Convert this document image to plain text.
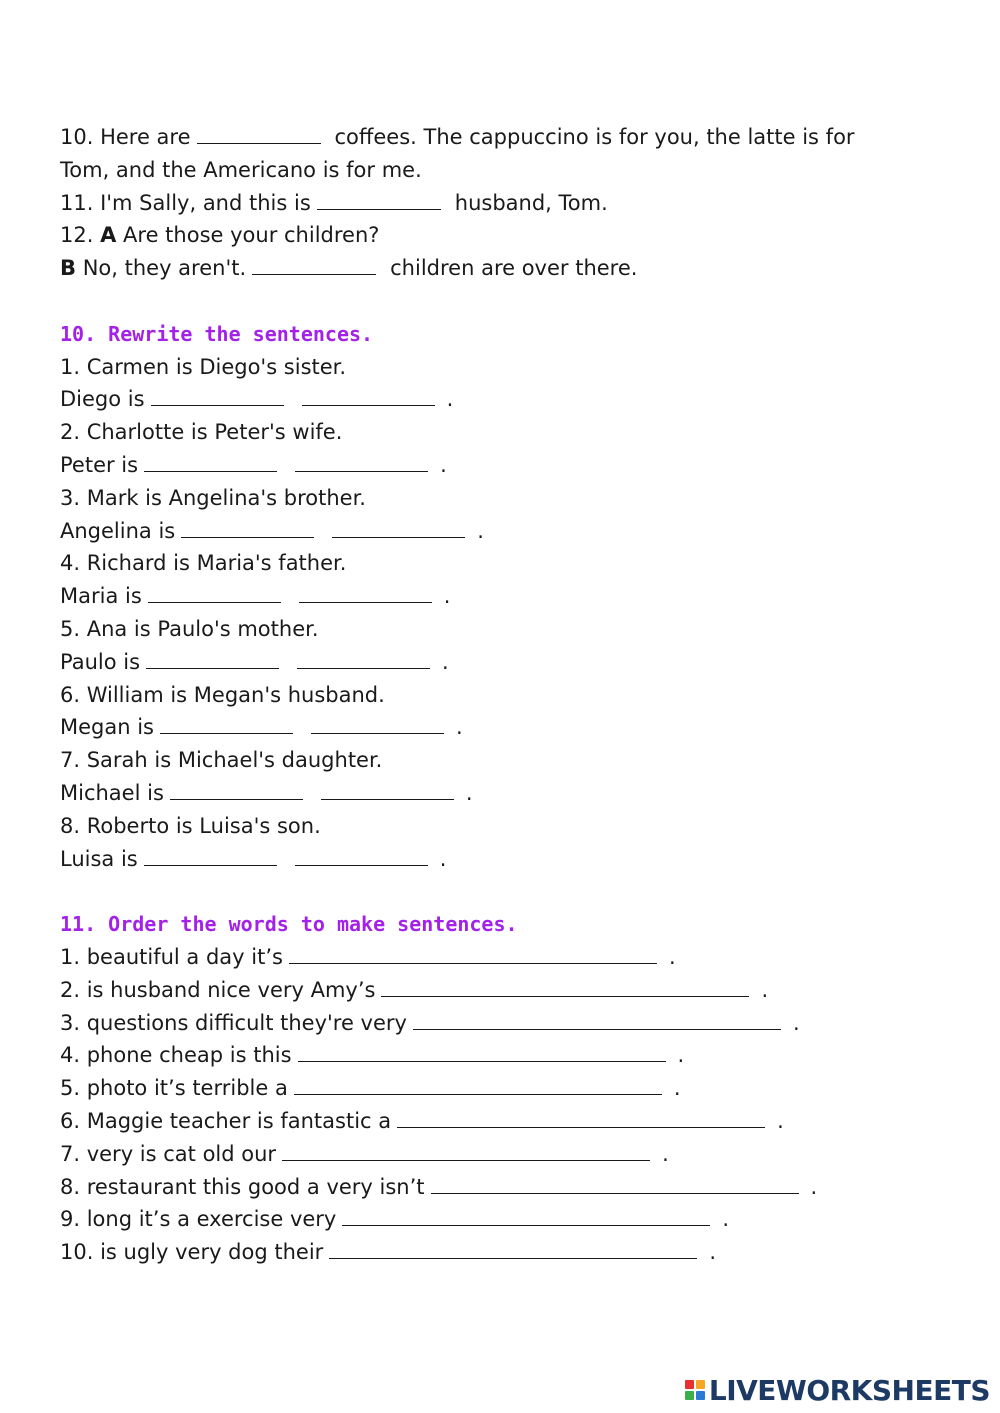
10. Here are	coffees. The cappuccino is for you, the latte is for
Tom, and the Americano is for me.
11. I'm Sally, and this is	husband, Tom.
12. A Are those your children?
B No, they aren't.	children are over there.
10. Rewrite the sentences.
1. Carmen is Diego's sister.
Diego is	.
2. Charlotte is Peter's wife.
Peter is	.
3. Mark is Angelina's brother.
Angelina is	.
4. Richard is Maria's father.
Maria is	.
5. Ana is Paulo's mother.
Paulo is	.
6. William is Megan's husband.
Megan is	.
7. Sarah is Michael's daughter.
Michael is	.
8. Roberto is Luisa's son.
Luisa is	.
11. Order the words to make sentences.
1. beautiful a day it’s	.
2. is husband nice very Amy’s	.
3. questions difficult they're very	.
4. phone cheap is this	.
5. photo it’s terrible a	.
6. Maggie teacher is fantastic a	.
7. very is cat old our	.
8. restaurant this good a very isn’t	.
9. long it’s a exercise very	.
10. is ugly very dog their	.
LIVEWORKSHEETS
